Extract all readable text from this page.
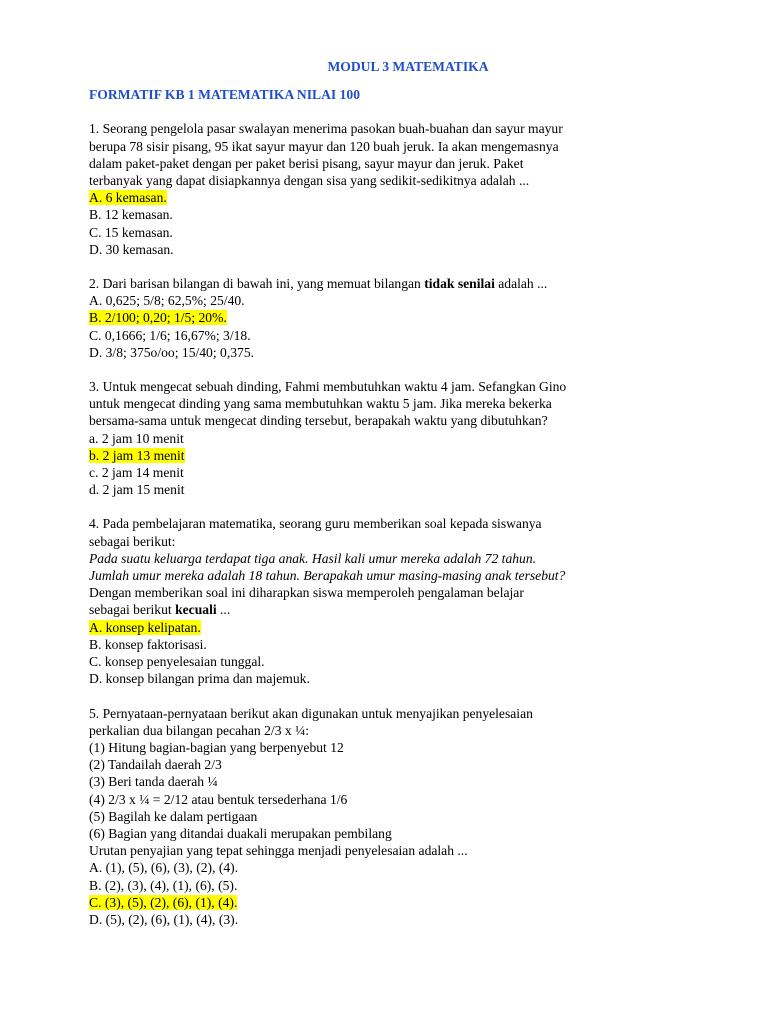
MODUL 3 MATEMATIKA
FORMATIF KB 1 MATEMATIKA NILAI 100
1. Seorang pengelola pasar swalayan menerima pasokan buah-buahan dan sayur mayur
berupa 78 sisir pisang, 95 ikat sayur mayur dan 120 buah jeruk. Ia akan mengemasnya
dalam paket-paket dengan per paket berisi pisang, sayur mayur dan jeruk. Paket
terbanyak yang dapat disiapkannya dengan sisa yang sedikit-sedikitnya adalah ...
A. 6 kemasan.
B. 12 kemasan.
C. 15 kemasan.
D. 30 kemasan.
2. Dari barisan bilangan di bawah ini, yang memuat bilangan tidak senilai adalah ...
A. 0,625; 5/8; 62,5%; 25/40.
B. 2/100; 0,20; 1/5; 20%.
C. 0,1666; 1/6; 16,67%; 3/18.
D. 3/8; 375o/oo; 15/40; 0,375.
3. Untuk mengecat sebuah dinding, Fahmi membutuhkan waktu 4 jam. Sefangkan Gino
untuk mengecat dinding yang sama membutuhkan waktu 5 jam. Jika mereka bekerka
bersama-sama untuk mengecat dinding tersebut, berapakah waktu yang dibutuhkan?
a. 2 jam 10 menit
b. 2 jam 13 menit
c. 2 jam 14 menit
d. 2 jam 15 menit
4. Pada pembelajaran matematika, seorang guru memberikan soal kepada siswanya
sebagai berikut:
Pada suatu keluarga terdapat tiga anak. Hasil kali umur mereka adalah 72 tahun.
Jumlah umur mereka adalah 18 tahun. Berapakah umur masing-masing anak tersebut?
Dengan memberikan soal ini diharapkan siswa memperoleh pengalaman belajar
sebagai berikut kecuali ...
A. konsep kelipatan.
B. konsep faktorisasi.
C. konsep penyelesaian tunggal.
D. konsep bilangan prima dan majemuk.
5. Pernyataan-pernyataan berikut akan digunakan untuk menyajikan penyelesaian
perkalian dua bilangan pecahan 2/3 x ¼:
(1) Hitung bagian-bagian yang berpenyebut 12
(2) Tandailah daerah 2/3
(3) Beri tanda daerah ¼
(4) 2/3 x ¼ = 2/12 atau bentuk tersederhana 1/6
(5) Bagilah ke dalam pertigaan
(6) Bagian yang ditandai duakali merupakan pembilang
Urutan penyajian yang tepat sehingga menjadi penyelesaian adalah ...
A. (1), (5), (6), (3), (2), (4).
B. (2), (3), (4), (1), (6), (5).
C. (3), (5), (2), (6), (1), (4).
D. (5), (2), (6), (1), (4), (3).
